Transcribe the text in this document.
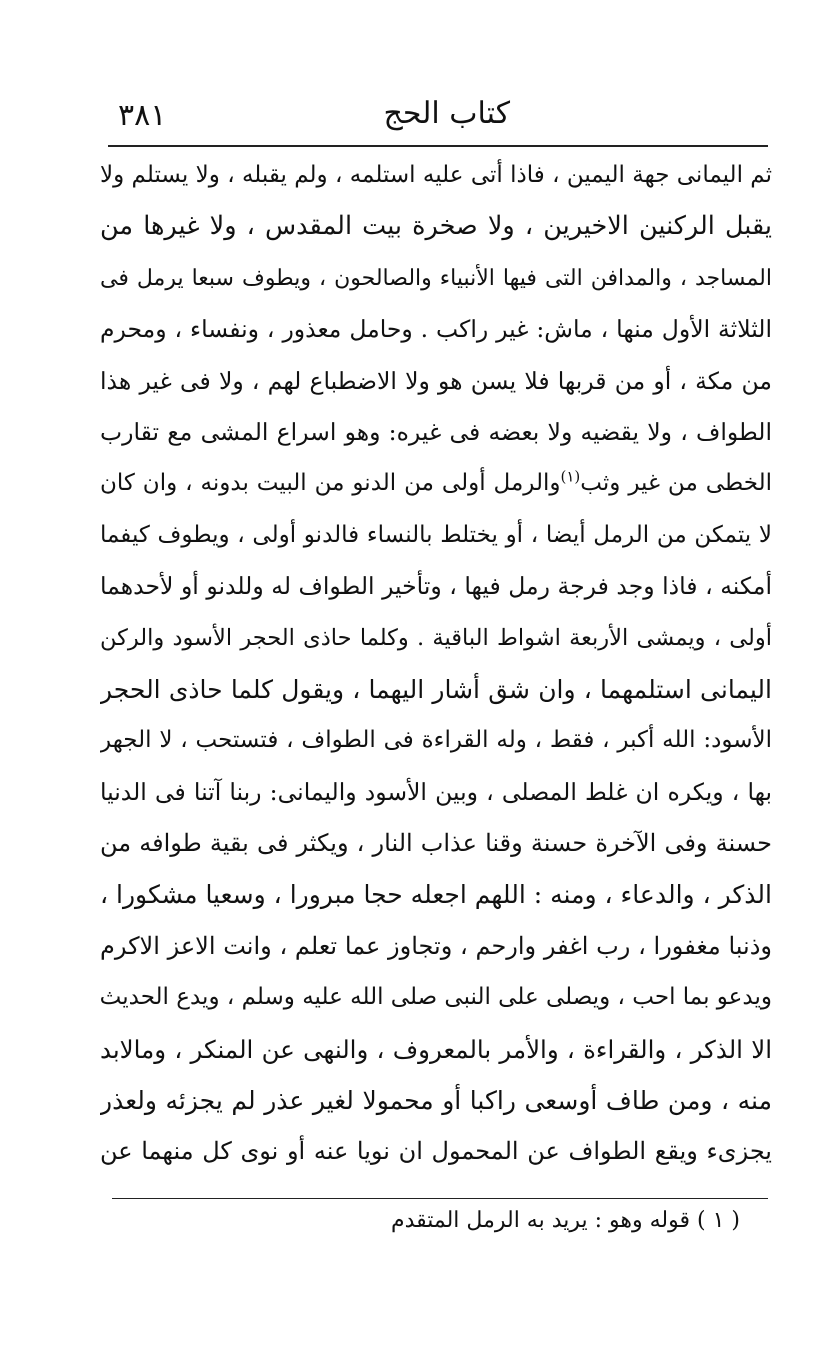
كتاب الحج
٣٨١
ثم اليمانى جهة اليمين ، فاذا أتى عليه استلمه ، ولم يقبله ، ولا يستلم ولا
يقبل الركنين الاخيرين ، ولا صخرة بيت المقدس ، ولا غيرها من
المساجد ، والمدافن التى فيها الأنبياء والصالحون ، ويطوف سبعا يرمل فى
الثلاثة الأول منها ، ماش: غير راكب . وحامل معذور ، ونفساء ، ومحرم
من مكة ، أو من قربها فلا يسن هو ولا الاضطباع لهم ، ولا فى غير هذا
الطواف ، ولا يقضيه ولا بعضه فى غيره: وهو اسراع المشى مع تقارب
الخطى من غير وثب$^{(١)}$والرمل أولى من الدنو من البيت بدونه ، وان كان
لا يتمكن من الرمل أيضا ، أو يختلط بالنساء فالدنو أولى ، ويطوف كيفما
أمكنه ، فاذا وجد فرجة رمل فيها ، وتأخير الطواف له وللدنو أو لأحدهما
أولى ، ويمشى الأربعة اشواط الباقية . وكلما حاذى الحجر الأسود والركن
اليمانى استلمهما ، وان شق أشار اليهما ، ويقول كلما حاذى الحجر
الأسود: الله أكبر ، فقط ، وله القراءة فى الطواف ، فتستحب ، لا الجهر
بها ، ويكره ان غلط المصلى ، وبين الأسود واليمانى: ربنا آتنا فى الدنيا
حسنة وفى الآخرة حسنة وقنا عذاب النار ، ويكثر فى بقية طوافه من
الذكر ، والدعاء ، ومنه : اللهم اجعله حجا مبرورا ، وسعيا مشكورا ،
وذنبا مغفورا ، رب اغفر وارحم ، وتجاوز عما تعلم ، وانت الاعز الاكرم
ويدعو بما احب ، ويصلى على النبى صلى الله عليه وسلم ، ويدع الحديث
الا الذكر ، والقراءة ، والأمر بالمعروف ، والنهى عن المنكر ، ومالابد
منه ، ومن طاف أوسعى راكبا أو محمولا لغير عذر لم يجزئه ولعذر
يجزىء ويقع الطواف عن المحمول ان نويا عنه أو نوى كل منهما عن
( ١ ) قوله وهو : يريد به الرمل المتقدم
